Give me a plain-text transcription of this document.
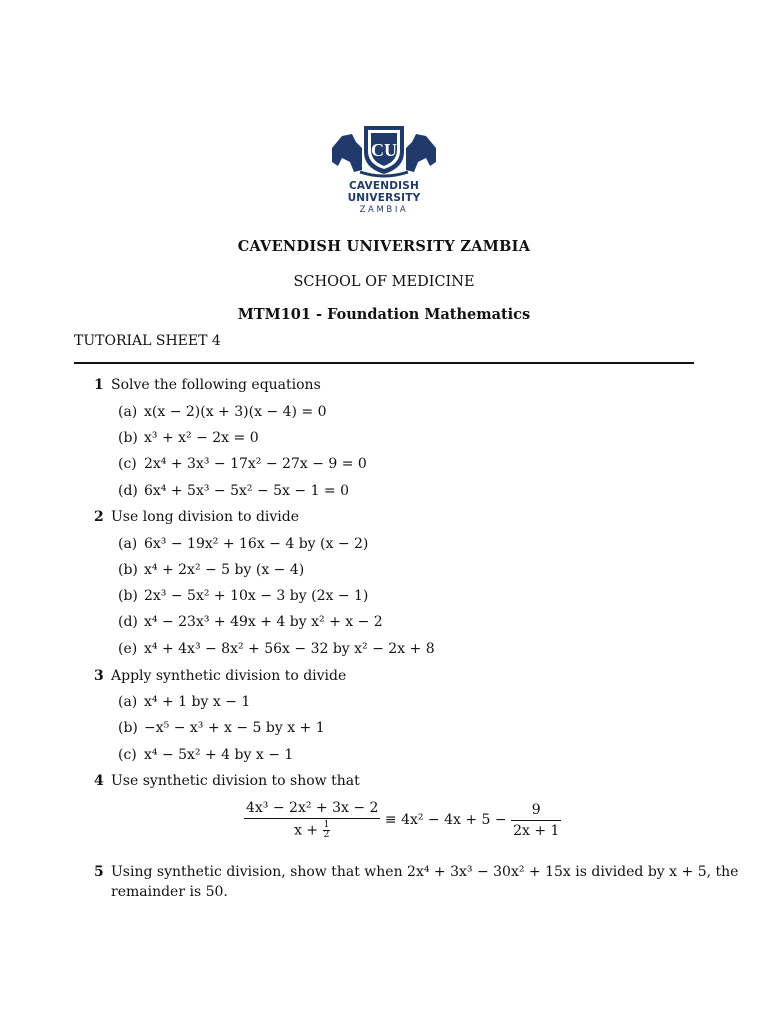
CU
CAVENDISH
UNIVERSITY
ZAMBIA
CAVENDISH UNIVERSITY ZAMBIA
SCHOOL OF MEDICINE
MTM101 - Foundation Mathematics
TUTORIAL SHEET 4
1 Solve the following equations
(a) x(x − 2)(x + 3)(x − 4) = 0
(b) x³ + x² − 2x = 0
(c) 2x⁴ + 3x³ − 17x² − 27x − 9 = 0
(d) 6x⁴ + 5x³ − 5x² − 5x − 1 = 0
2 Use long division to divide
(a) 6x³ − 19x² + 16x − 4 by (x − 2)
(b) x⁴ + 2x² − 5 by (x − 4)
(b) 2x³ − 5x² + 10x − 3 by (2x − 1)
(d) x⁴ − 23x³ + 49x + 4 by x² + x − 2
(e) x⁴ + 4x³ − 8x² + 56x − 32 by x² − 2x + 8
3 Apply synthetic division to divide
(a) x⁴ + 1 by x − 1
(b) −x⁵ − x³ + x − 5 by x + 1
(c) x⁴ − 5x² + 4 by x − 1
4 Use synthetic division to show that
$\frac{\text{4x³ − 2x² + 3x − 2}}{x + \frac{1}{2}} \equiv 4x^2 - 4x + 5 - \frac{9}{2x + 1}$
5 Using synthetic division, show that when 2x⁴ + 3x³ − 30x² + 15x is divided by x + 5, the
remainder is 50.
